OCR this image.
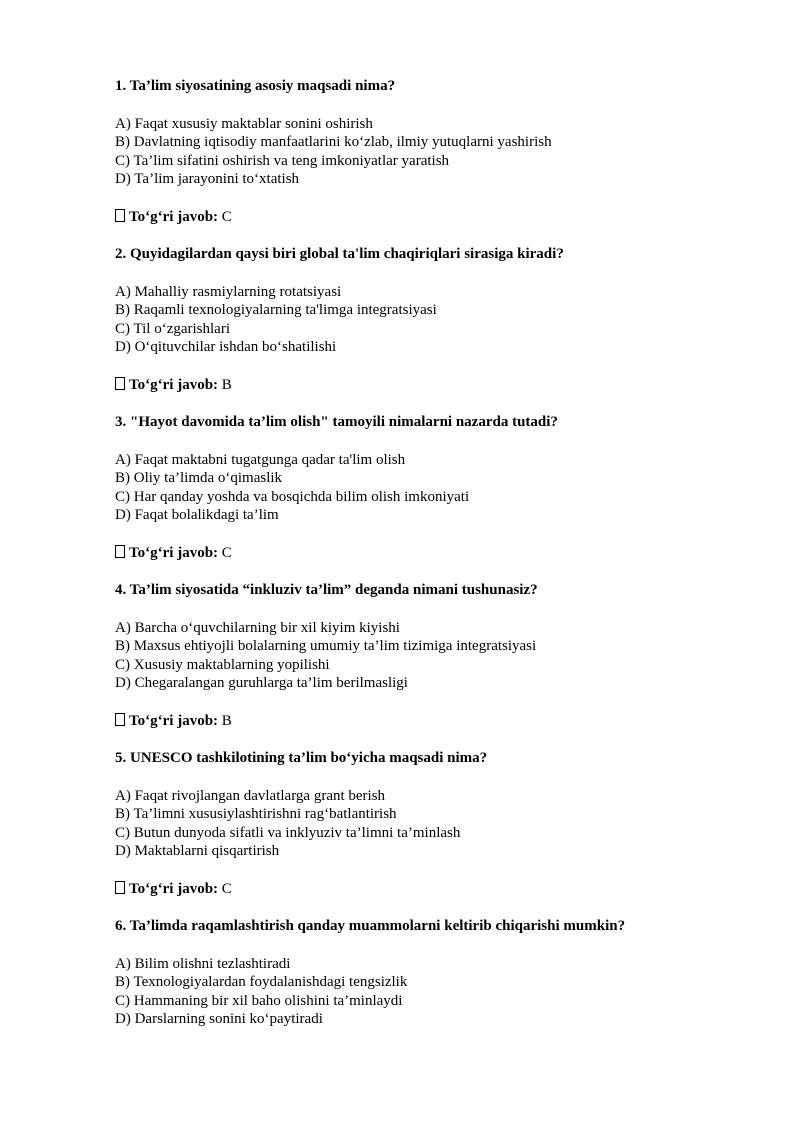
1. Ta’lim siyosatining asosiy maqsadi nima?

A) Faqat xususiy maktablar sonini oshirish

B) Davlatning iqtisodiy manfaatlarini ko‘zlab, ilmiy yutuqlarni yashirish

C) Ta’lim sifatini oshirish va teng imkoniyatlar yaratish

D) Ta’lim jarayonini to‘xtatish

To‘g‘ri javob: C

2. Quyidagilardan qaysi biri global ta'lim chaqiriqlari sirasiga kiradi?

A) Mahalliy rasmiylarning rotatsiyasi

B) Raqamli texnologiyalarning ta'limga integratsiyasi

C) Til o‘zgarishlari

D) O‘qituvchilar ishdan bo‘shatilishi

To‘g‘ri javob: B

3. "Hayot davomida ta’lim olish" tamoyili nimalarni nazarda tutadi?

A) Faqat maktabni tugatgunga qadar ta'lim olish

B) Oliy ta’limda o‘qimaslik

C) Har qanday yoshda va bosqichda bilim olish imkoniyati

D) Faqat bolalikdagi ta’lim

To‘g‘ri javob: C

4. Ta’lim siyosatida “inkluziv ta’lim” deganda nimani tushunasiz?

A) Barcha o‘quvchilarning bir xil kiyim kiyishi

B) Maxsus ehtiyojli bolalarning umumiy ta’lim tizimiga integratsiyasi

C) Xususiy maktablarning yopilishi

D) Chegaralangan guruhlarga ta’lim berilmasligi

To‘g‘ri javob: B

5. UNESCO tashkilotining ta’lim bo‘yicha maqsadi nima?

A) Faqat rivojlangan davlatlarga grant berish

B) Ta’limni xususiylashtirishni rag‘batlantirish

C) Butun dunyoda sifatli va inklyuziv ta’limni ta’minlash

D) Maktablarni qisqartirish

To‘g‘ri javob: C

6. Ta’limda raqamlashtirish qanday muammolarni keltirib chiqarishi mumkin?

A) Bilim olishni tezlashtiradi

B) Texnologiyalardan foydalanishdagi tengsizlik

C) Hammaning bir xil baho olishini ta’minlaydi

D) Darslarning sonini ko‘paytiradi
